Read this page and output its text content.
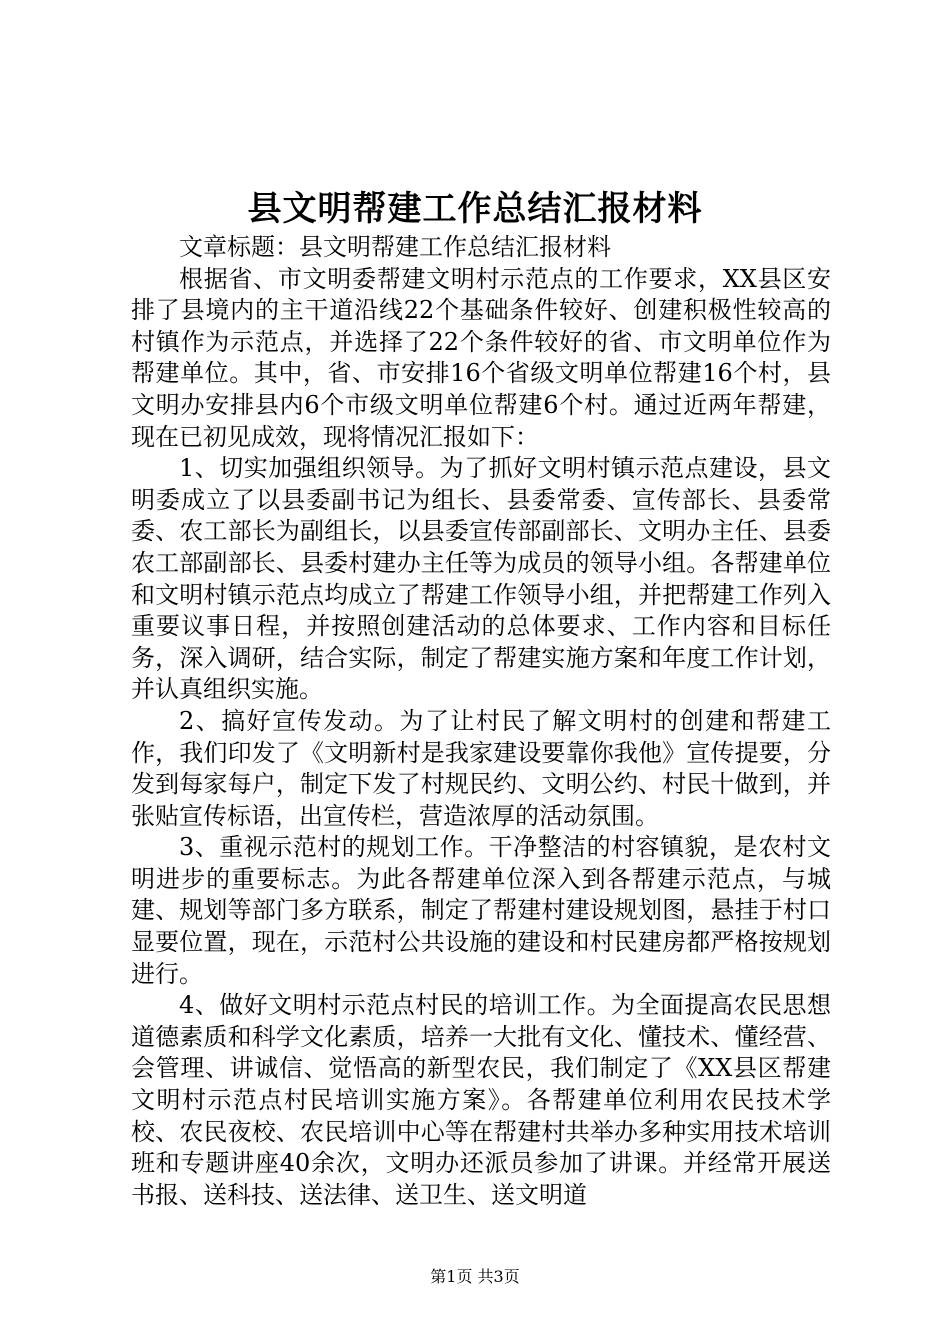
县文明帮建工作总结汇报材料

文章标题：县文明帮建工作总结汇报材料

根据省、市文明委帮建文明村示范点的工作要求，XX县区安排了县境内的主干道沿线22个基础条件较好、创建积极性较高的村镇作为示范点，并选择了22个条件较好的省、市文明单位作为帮建单位。其中，省、市安排16个省级文明单位帮建16个村，县文明办安排县内6个市级文明单位帮建6个村。通过近两年帮建，现在已初见成效，现将情况汇报如下：

1、切实加强组织领导。为了抓好文明村镇示范点建设，县文明委成立了以县委副书记为组长、县委常委、宣传部长、县委常委、农工部长为副组长，以县委宣传部副部长、文明办主任、县委农工部副部长、县委村建办主任等为成员的领导小组。各帮建单位和文明村镇示范点均成立了帮建工作领导小组，并把帮建工作列入重要议事日程，并按照创建活动的总体要求、工作内容和目标任务，深入调研，结合实际，制定了帮建实施方案和年度工作计划，并认真组织实施。

2、搞好宣传发动。为了让村民了解文明村的创建和帮建工作，我们印发了《文明新村是我家建设要靠你我他》宣传提要，分发到每家每户，制定下发了村规民约、文明公约、村民十做到，并张贴宣传标语，出宣传栏，营造浓厚的活动氛围。

3、重视示范村的规划工作。干净整洁的村容镇貌，是农村文明进步的重要标志。为此各帮建单位深入到各帮建示范点，与城建、规划等部门多方联系，制定了帮建村建设规划图，悬挂于村口显要位置，现在，示范村公共设施的建设和村民建房都严格按规划进行。

4、做好文明村示范点村民的培训工作。为全面提高农民思想道德素质和科学文化素质，培养一大批有文化、懂技术、懂经营、会管理、讲诚信、觉悟高的新型农民，我们制定了《XX县区帮建文明村示范点村民培训实施方案》。各帮建单位利用农民技术学校、农民夜校、农民培训中心等在帮建村共举办多种实用技术培训班和专题讲座40余次，文明办还派员参加了讲课。并经常开展送书报、送科技、送法律、送卫生、送文明道

第1页 共3页
